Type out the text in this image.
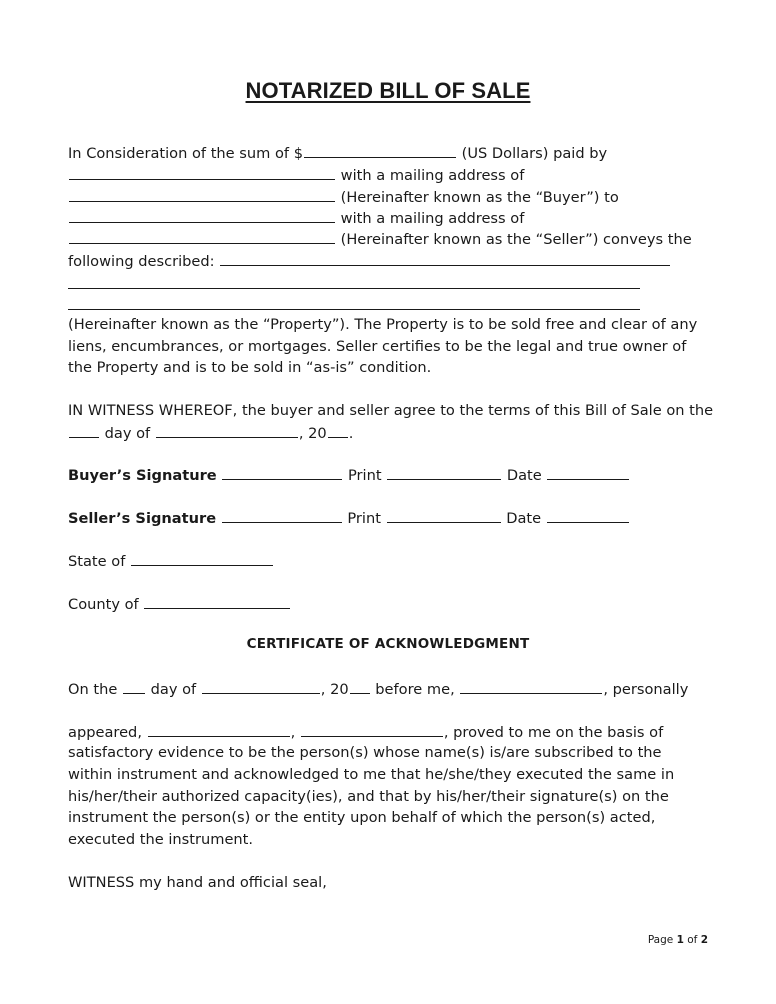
NOTARIZED BILL OF SALE
In Consideration of the sum of $	(US Dollars) paid by
with a mailing address of
(Hereinafter known as the “Buyer”) to
with a mailing address of
(Hereinafter known as the “Seller”) conveys the
following described:
(Hereinafter known as the “Property”). The Property is to be sold free and clear of any
liens, encumbrances, or mortgages. Seller certifies to be the legal and true owner of
the Property and is to be sold in “as-is” condition.
IN WITNESS WHEREOF, the buyer and seller agree to the terms of this Bill of Sale on the
day of	, 20 .
Buyer’s Signature	Print	Date
Seller’s Signature	Print	Date
State of
County of
CERTIFICATE OF ACKNOWLEDGMENT
On the  day of	, 20 before me,	, personally
appeared,	,	, proved to me on the basis of
satisfactory evidence to be the person(s) whose name(s) is/are subscribed to the
within instrument and acknowledged to me that he/she/they executed the same in
his/her/their authorized capacity(ies), and that by his/her/their signature(s) on the
instrument the person(s) or the entity upon behalf of which the person(s) acted,
executed the instrument.
WITNESS my hand and official seal,
Page 1 of 2
